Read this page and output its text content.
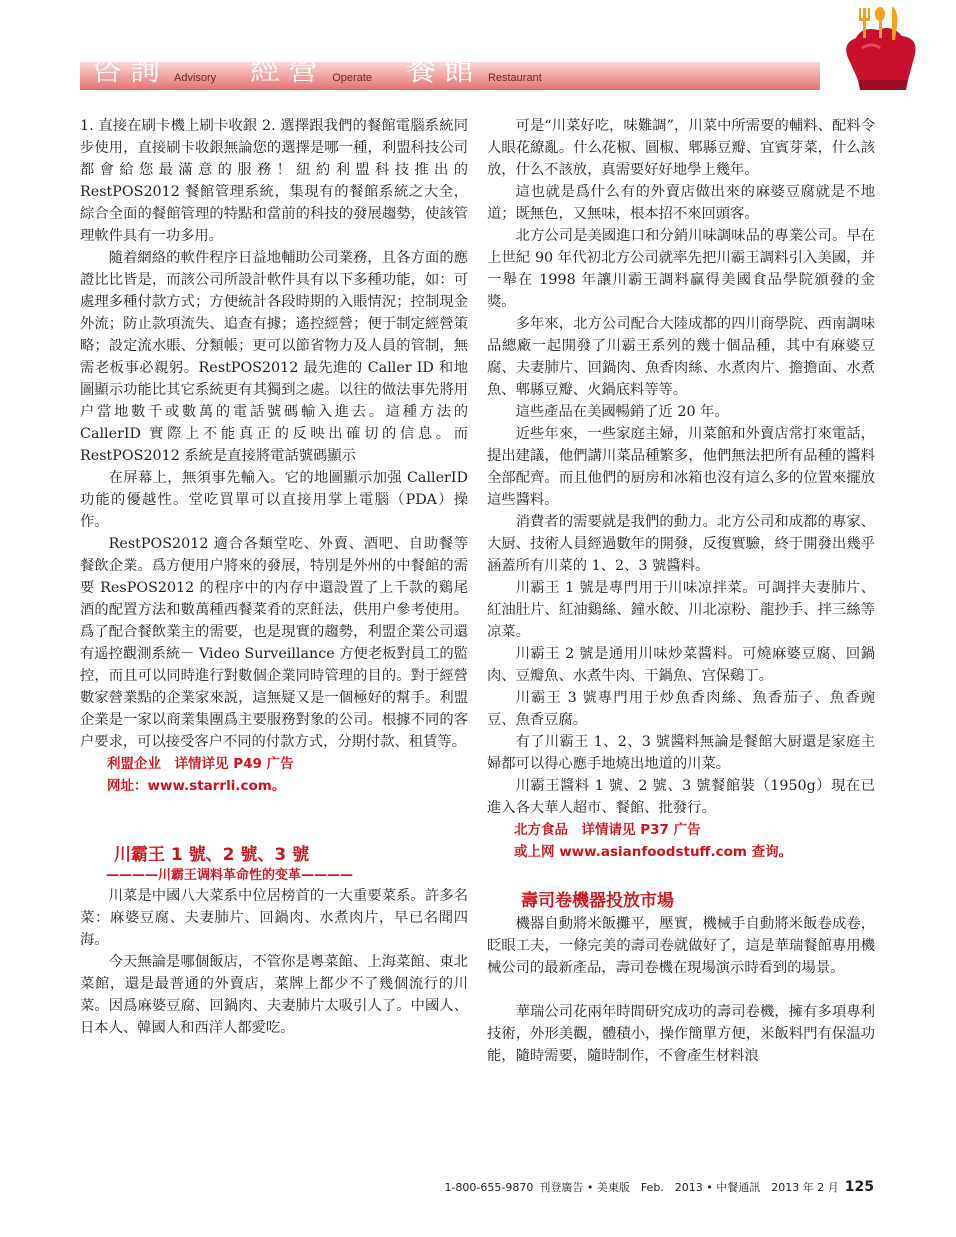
咨詢 Advisory 經營 Operate 餐館 Restaurant

1. 直接在刷卡機上刷卡收銀 2. 選擇跟我們的餐館電腦系統同步使用，直接刷卡收銀無論您的選擇是哪一種，利盟科技公司都會給您最滿意的服務！紐約利盟科技推出的 RestPOS2012 餐館管理系統，集現有的餐館系統之大全，綜合全面的餐館管理的特點和當前的科技的發展趨勢，使該管理軟件具有一功多用。

隨着網絡的軟件程序日益地輔助公司業務，且各方面的應證比比皆是，而該公司所設計軟件具有以下多種功能，如：可處理多種付款方式；方便統計各段時期的入賬情況；控制現金外流；防止款項流失、追查有據；遙控經營；便于制定經營策略；設定流水賬、分類帳；更可以節省物力及人員的管制，無需老板事必親躬。RestPOS2012 最先進的 Caller ID 和地圖顯示功能比其它系統更有其獨到之處。以往的做法事先將用户當地數千或數萬的電話號碼輸入進去。這種方法的 CallerID 實際上不能真正的反映出確切的信息。而 RestPOS2012 系統是直接將電話號碼顯示

在屏幕上，無須事先輸入。它的地圖顯示加强 CallerID 功能的優越性。堂吃買單可以直接用掌上電腦（PDA）操作。

RestPOS2012 適合各類堂吃、外賣、酒吧、自助餐等餐飲企業。爲方便用户將來的發展，特別是外州的中餐館的需要 ResPOS2012 的程序中的内存中還設置了上千款的鷄尾酒的配置方法和數萬種西餐菜肴的烹飪法，供用户參考使用。爲了配合餐飲業主的需要，也是現實的趨勢，利盟企業公司還有遥控觀測系統－ Video Surveillance 方便老板對員工的監控，而且可以同時進行對數個企業同時管理的目的。對于經營數家營業點的企業家來説，這無疑又是一個極好的幫手。利盟企業是一家以商業集團爲主要服務對象的公司。根據不同的客户要求，可以接受客户不同的付款方式，分期付款、租賃等。

利盟企业　详情详见 P49 广告

网址：www.starrli.com。

川霸王 1 號、2 號、3 號

————川霸王调料革命性的变革————

川菜是中國八大菜系中位居榜首的一大重要菜系。許多名菜：麻婆豆腐、夫妻肺片、回鍋肉、水煮肉片，早已名聞四海。

今天無論是哪個飯店，不管你是粵菜館、上海菜館、東北菜館，還是最普通的外賣店，菜牌上都少不了幾個流行的川菜。因爲麻婆豆腐、回鍋肉、夫妻肺片太吸引人了。中國人、日本人、韓國人和西洋人都愛吃。

可是“川菜好吃，味難調”，川菜中所需要的輔料、配料令人眼花繚亂。什么花椒、圓椒、郫縣豆瓣、宜賓芽菜，什么該放，什么不該放，真需要好好地學上幾年。

這也就是爲什么有的外賣店做出來的麻婆豆腐就是不地道；既無色，又無味，根本招不來回頭客。

北方公司是美國進口和分銷川味調味品的專業公司。早在上世紀 90 年代初北方公司就率先把川霸王調料引入美國，并一舉在 1998 年讓川霸王調料贏得美國食品學院頒發的金獎。

多年來，北方公司配合大陸成都的四川商學院、西南調味品總廠一起開發了川霸王系列的幾十個品種，其中有麻婆豆腐、夫妻肺片、回鍋肉、魚香肉絲、水煮肉片、擔擔面、水煮魚、郫縣豆瓣、火鍋底料等等。

這些產品在美國暢銷了近 20 年。

近些年來，一些家庭主婦，川菜館和外賣店常打來電話，提出建議，他們講川菜品種繁多，他們無法把所有品種的醬料全部配齊。而且他們的厨房和冰箱也沒有這么多的位置來擺放這些醬料。

消費者的需要就是我們的動力。北方公司和成都的專家、大厨、技術人員經過數年的開發，反復實驗，終于開發出幾乎涵蓋所有川菜的 1、2、3 號醬料。

川霸王 1 號是專門用于川味凉拌菜。可調拌夫妻肺片、紅油肚片、紅油鷄絲、鐘水餃、川北凉粉、龍抄手、拌三絲等凉菜。

川霸王 2 號是通用川味炒菜醬料。可燒麻婆豆腐、回鍋肉、豆瓣魚、水煮牛肉、干鍋魚、宫保鷄丁。

川霸王 3 號專門用于炒魚香肉絲、魚香茄子、魚香豌豆、魚香豆腐。

有了川霸王 1、2、3 號醬料無論是餐館大厨還是家庭主婦都可以得心應手地燒出地道的川菜。

川霸王醬料 1 號、2 號、3 號餐館裝（1950g）現在已進入各大華人超市、餐館、批發行。

北方食品　详情请见 P37 广告

或上网 www.asianfoodstuff.com 查询。

壽司卷機器投放市場

機器自動將米飯攤平，壓實，機械手自動將米飯卷成卷，眨眼工夫，一條完美的壽司卷就做好了，這是華瑞餐館專用機械公司的最新產品，壽司卷機在現場演示時看到的場景。

華瑞公司花兩年時間研究成功的壽司卷機，擁有多項專利技術，外形美觀，體積小，操作簡單方便，米飯料門有保温功能，隨時需要，隨時制作，不會產生材料浪

1-800-655-9870 刊登廣告 • 美東版　Feb.　2013 • 中餐通訊　2013 年 2 月 125
